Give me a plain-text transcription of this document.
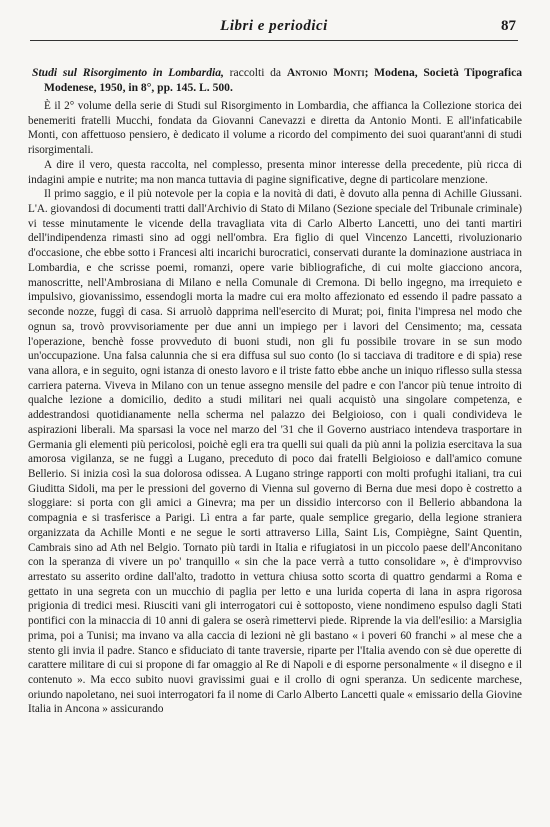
Libri e periodici	87
Studi sul Risorgimento in Lombardia, raccolti da Antonio Monti; Modena, Società Tipografica Modenese, 1950, in 8°, pp. 145. L. 500.

È il 2° volume della serie di Studi sul Risorgimento in Lombardia, che affianca la Collezione storica dei benemeriti fratelli Mucchi, fondata da Giovanni Canevazzi e diretta da Antonio Monti. E all'infaticabile Monti, con affettuoso pensiero, è dedicato il volume a ricordo del compimento dei suoi quarant'anni di studi risorgimentali.

A dire il vero, questa raccolta, nel complesso, presenta minor interesse della precedente, più ricca di indagini ampie e nutrite; ma non manca tuttavia di pagine significative, degne di particolare menzione.

Il primo saggio, e il più notevole per la copia e la novità di dati, è dovuto alla penna di Achille Giussani. L'A. giovandosi di documenti tratti dall'Archivio di Stato di Milano (Sezione speciale del Tribunale criminale) vi tesse minutamente le vicende della travagliata vita di Carlo Alberto Lancetti, uno dei tanti martiri dell'indipendenza rimasti sino ad oggi nell'ombra. Era figlio di quel Vincenzo Lancetti, rivoluzionario d'occasione, che ebbe sotto i Francesi alti incarichi burocratici, conservati durante la dominazione austriaca in Lombardia, e che scrisse poemi, romanzi, opere varie bibliografiche, di cui molte giacciono ancora, manoscritte, nell'Ambrosiana di Milano e nella Comunale di Cremona. Di bello ingegno, ma irrequieto e impulsivo, giovanissimo, essendogli morta la madre cui era molto affezionato ed essendo il padre passato a seconde nozze, fuggì di casa. Si arruolò dapprima nell'esercito di Murat; poi, finita l'impresa nel modo che ognun sa, trovò provvisoriamente per due anni un impiego per i lavori del Censimento; ma, cessata l'operazione, benchè fosse provveduto di buoni studi, non gli fu possibile trovare in se sun modo un'occupazione. Una falsa calunnia che si era diffusa sul suo conto (lo si tacciava di traditore e di spia) rese vana allora, e in seguito, ogni istanza di onesto lavoro e il triste fatto ebbe anche un iniquo riflesso sulla stessa carriera paterna. Viveva in Milano con un tenue assegno mensile del padre e con l'ancor più tenue introito di qualche lezione a domicilio, dedito a studi militari nei quali acquistò una singolare competenza, e addestrandosi quotidianamente nella scherma nel palazzo dei Belgioioso, con i quali condivideva le aspirazioni liberali. Ma sparsasi la voce nel marzo del '31 che il Governo austriaco intendeva trasportare in Germania gli elementi più pericolosi, poichè egli era tra quelli sui quali da più anni la polizia esercitava la sua amorosa vigilanza, se ne fuggì a Lugano, preceduto di poco dai fratelli Belgioioso e dall'amico comune Bellerio. Si inizia così la sua dolorosa odissea. A Lugano stringe rapporti con molti profughi italiani, tra cui Giuditta Sidoli, ma per le pressioni del governo di Vienna sul governo di Berna due mesi dopo è costretto a sloggiare: si porta con gli amici a Ginevra; ma per un dissidio intercorso con il Bellerio abbandona la compagnia e si trasferisce a Parigi. Lì entra a far parte, quale semplice gregario, della legione straniera organizzata da Achille Monti e ne segue le sorti attraverso Lilla, Saint Lis, Compiègne, Saint Quentin, Cambrais sino ad Ath nel Belgio. Tornato più tardi in Italia e rifugiatosi in un piccolo paese dell'Anconitano con la speranza di vivere un po' tranquillo « sin che la pace verrà a tutto consolidare », è d'improvviso arrestato su asserito ordine dall'alto, tradotto in vettura chiusa sotto scorta di quattro gendarmi a Roma e gettato in una segreta con un mucchio di paglia per letto e una lurida coperta di lana in aspra rigorosa prigionia di tredici mesi. Riusciti vani gli interrogatori cui è sottoposto, viene nondimeno espulso dagli Stati pontifici con la minaccia di 10 anni di galera se oserà rimettervi piede. Riprende la via dell'esilio: a Marsiglia prima, poi a Tunisi; ma invano va alla caccia di lezioni nè gli bastano « i poveri 60 franchi » al mese che a stento gli invia il padre. Stanco e sfiduciato di tante traversie, riparte per l'Italia avendo con sè due operette di carattere militare di cui si propone di far omaggio al Re di Napoli e di esporne personalmente « il disegno e il contenuto ». Ma ecco subito nuovi gravissimi guai e il crollo di ogni speranza. Un sedicente marchese, oriundo napoletano, nei suoi interrogatori fa il nome di Carlo Alberto Lancetti quale « emissario della Giovine Italia in Ancona » assicurando
